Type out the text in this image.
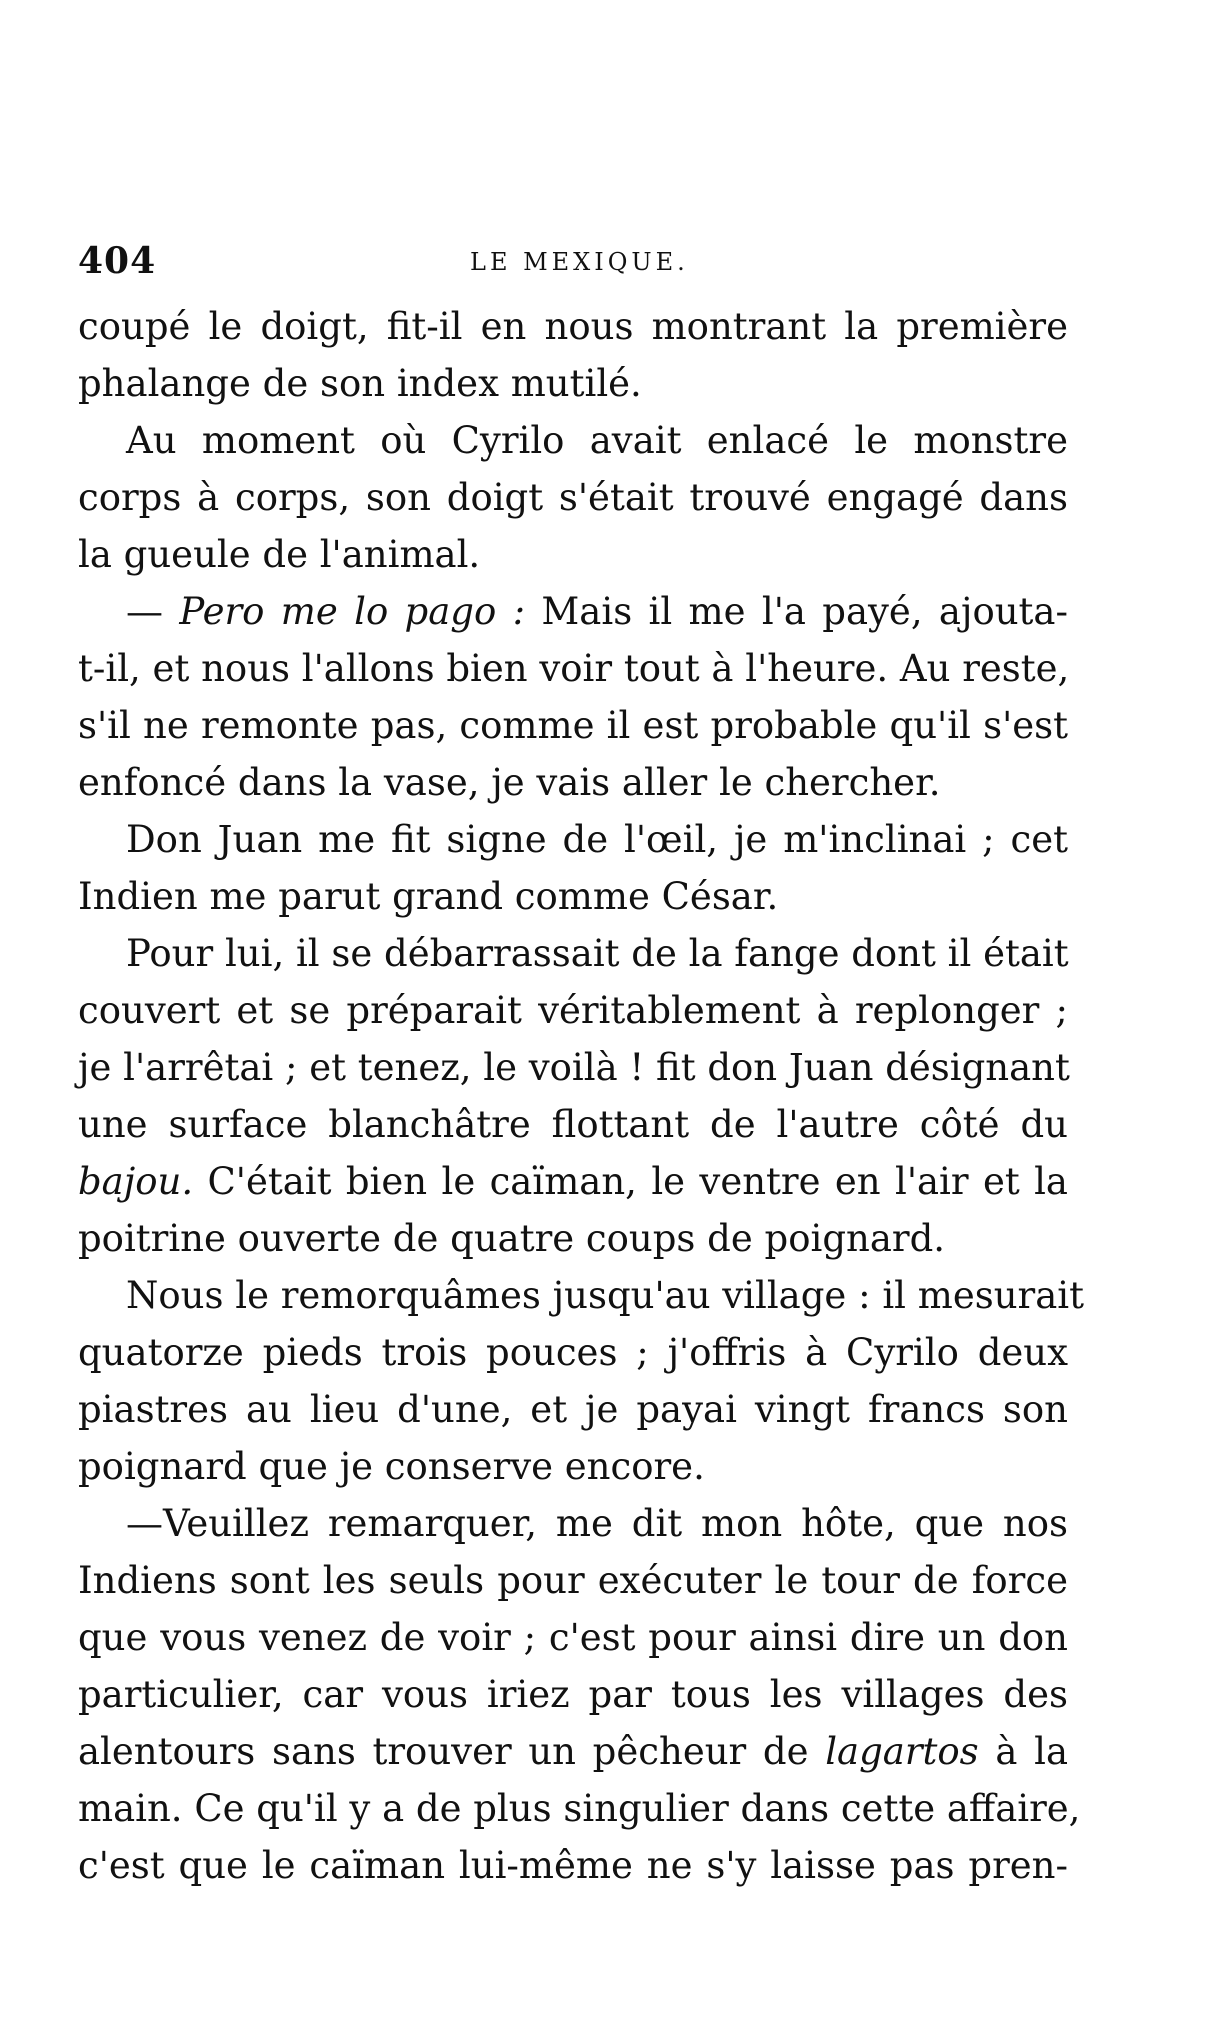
404	LE MEXIQUE.
coupé le doigt, fit-il en nous montrant la première
phalange de son index mutilé.
Au moment où Cyrilo avait enlacé le monstre
corps à corps, son doigt s'était trouvé engagé dans
la gueule de l'animal.
— Pero me lo pago : Mais il me l'a payé, ajouta-
t-il, et nous l'allons bien voir tout à l'heure. Au reste,
s'il ne remonte pas, comme il est probable qu'il s'est
enfoncé dans la vase, je vais aller le chercher.
Don Juan me fit signe de l'œil, je m'inclinai ; cet
Indien me parut grand comme César.
Pour lui, il se débarrassait de la fange dont il était
couvert et se préparait véritablement à replonger ;
je l'arrêtai ; et tenez, le voilà ! fit don Juan désignant
une surface blanchâtre flottant de l'autre côté du
bajou. C'était bien le caïman, le ventre en l'air et la
poitrine ouverte de quatre coups de poignard.
Nous le remorquâmes jusqu'au village : il mesurait
quatorze pieds trois pouces ; j'offris à Cyrilo deux
piastres au lieu d'une, et je payai vingt francs son
poignard que je conserve encore.
—Veuillez remarquer, me dit mon hôte, que nos
Indiens sont les seuls pour exécuter le tour de force
que vous venez de voir ; c'est pour ainsi dire un don
particulier, car vous iriez par tous les villages des
alentours sans trouver un pêcheur de lagartos à la
main. Ce qu'il y a de plus singulier dans cette affaire,
c'est que le caïman lui-même ne s'y laisse pas pren-
